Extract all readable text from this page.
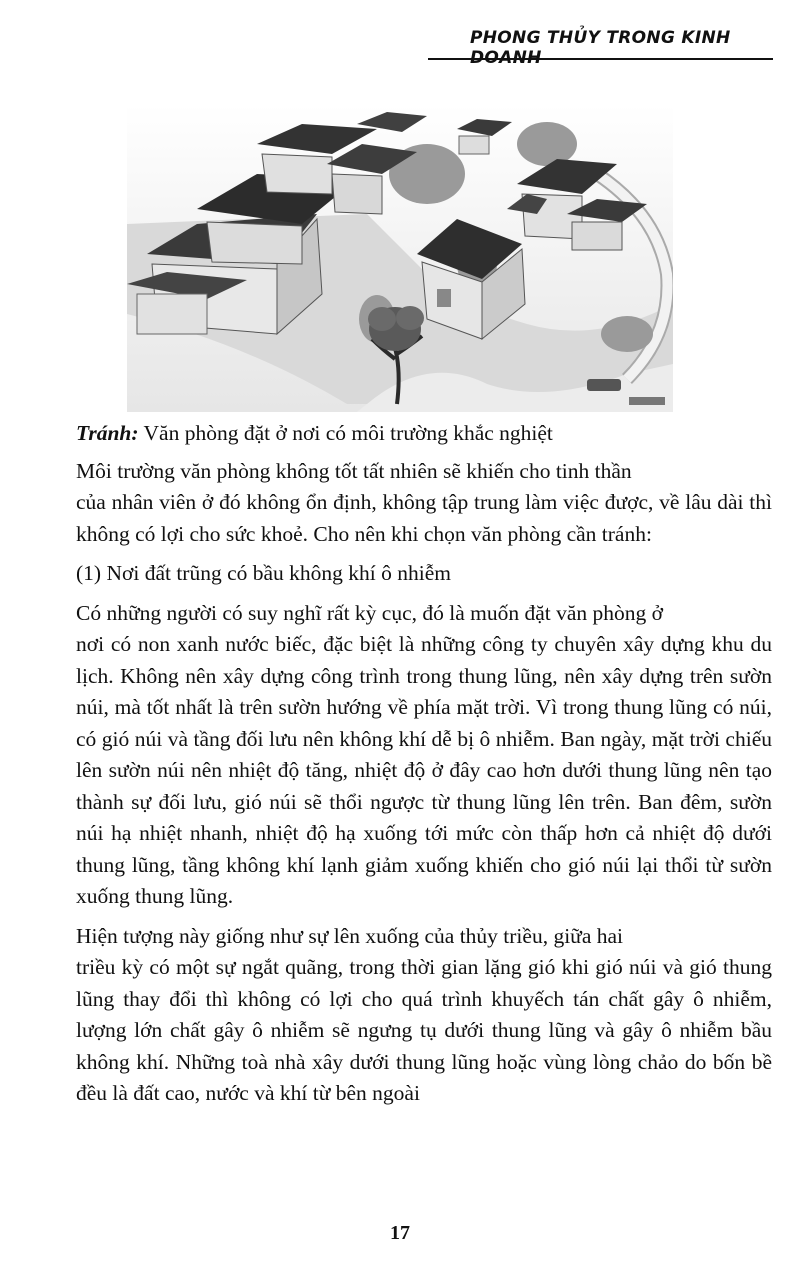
PHONG THỦY TRONG KINH DOANH

Tránh: Văn phòng đặt ở nơi có môi trường khắc nghiệt

Môi trường văn phòng không tốt tất nhiên sẽ khiến cho tinh thần
của nhân viên ở đó không ổn định, không tập trung làm việc được, về lâu dài thì không có lợi cho sức khoẻ. Cho nên khi chọn văn phòng cần tránh:

(1) Nơi đất trũng có bầu không khí ô nhiễm

Có những người có suy nghĩ rất kỳ cục, đó là muốn đặt văn phòng ở
nơi có non xanh nước biếc, đặc biệt là những công ty chuyên xây dựng khu du lịch. Không nên xây dựng công trình trong thung lũng, nên xây dựng trên sườn núi, mà tốt nhất là trên sườn hướng về phía mặt trời. Vì trong thung lũng có núi, có gió núi và tầng đối lưu nên không khí dễ bị ô nhiễm. Ban ngày, mặt trời chiếu lên sườn núi nên nhiệt độ tăng, nhiệt độ ở đây cao hơn dưới thung lũng nên tạo thành sự đối lưu, gió núi sẽ thổi ngược từ thung lũng lên trên. Ban đêm, sườn núi hạ nhiệt nhanh, nhiệt độ hạ xuống tới mức còn thấp hơn cả nhiệt độ dưới thung lũng, tầng không khí lạnh giảm xuống khiến cho gió núi lại thổi từ sườn xuống thung lũng.

Hiện tượng này giống như sự lên xuống của thủy triều, giữa hai
triều kỳ có một sự ngắt quãng, trong thời gian lặng gió khi gió núi và gió thung lũng thay đổi thì không có lợi cho quá trình khuyếch tán chất gây ô nhiễm, lượng lớn chất gây ô nhiễm sẽ ngưng tụ dưới thung lũng và gây ô nhiễm bầu không khí. Những toà nhà xây dưới thung lũng hoặc vùng lòng chảo do bốn bề đều là đất cao, nước và khí từ bên ngoài

17
